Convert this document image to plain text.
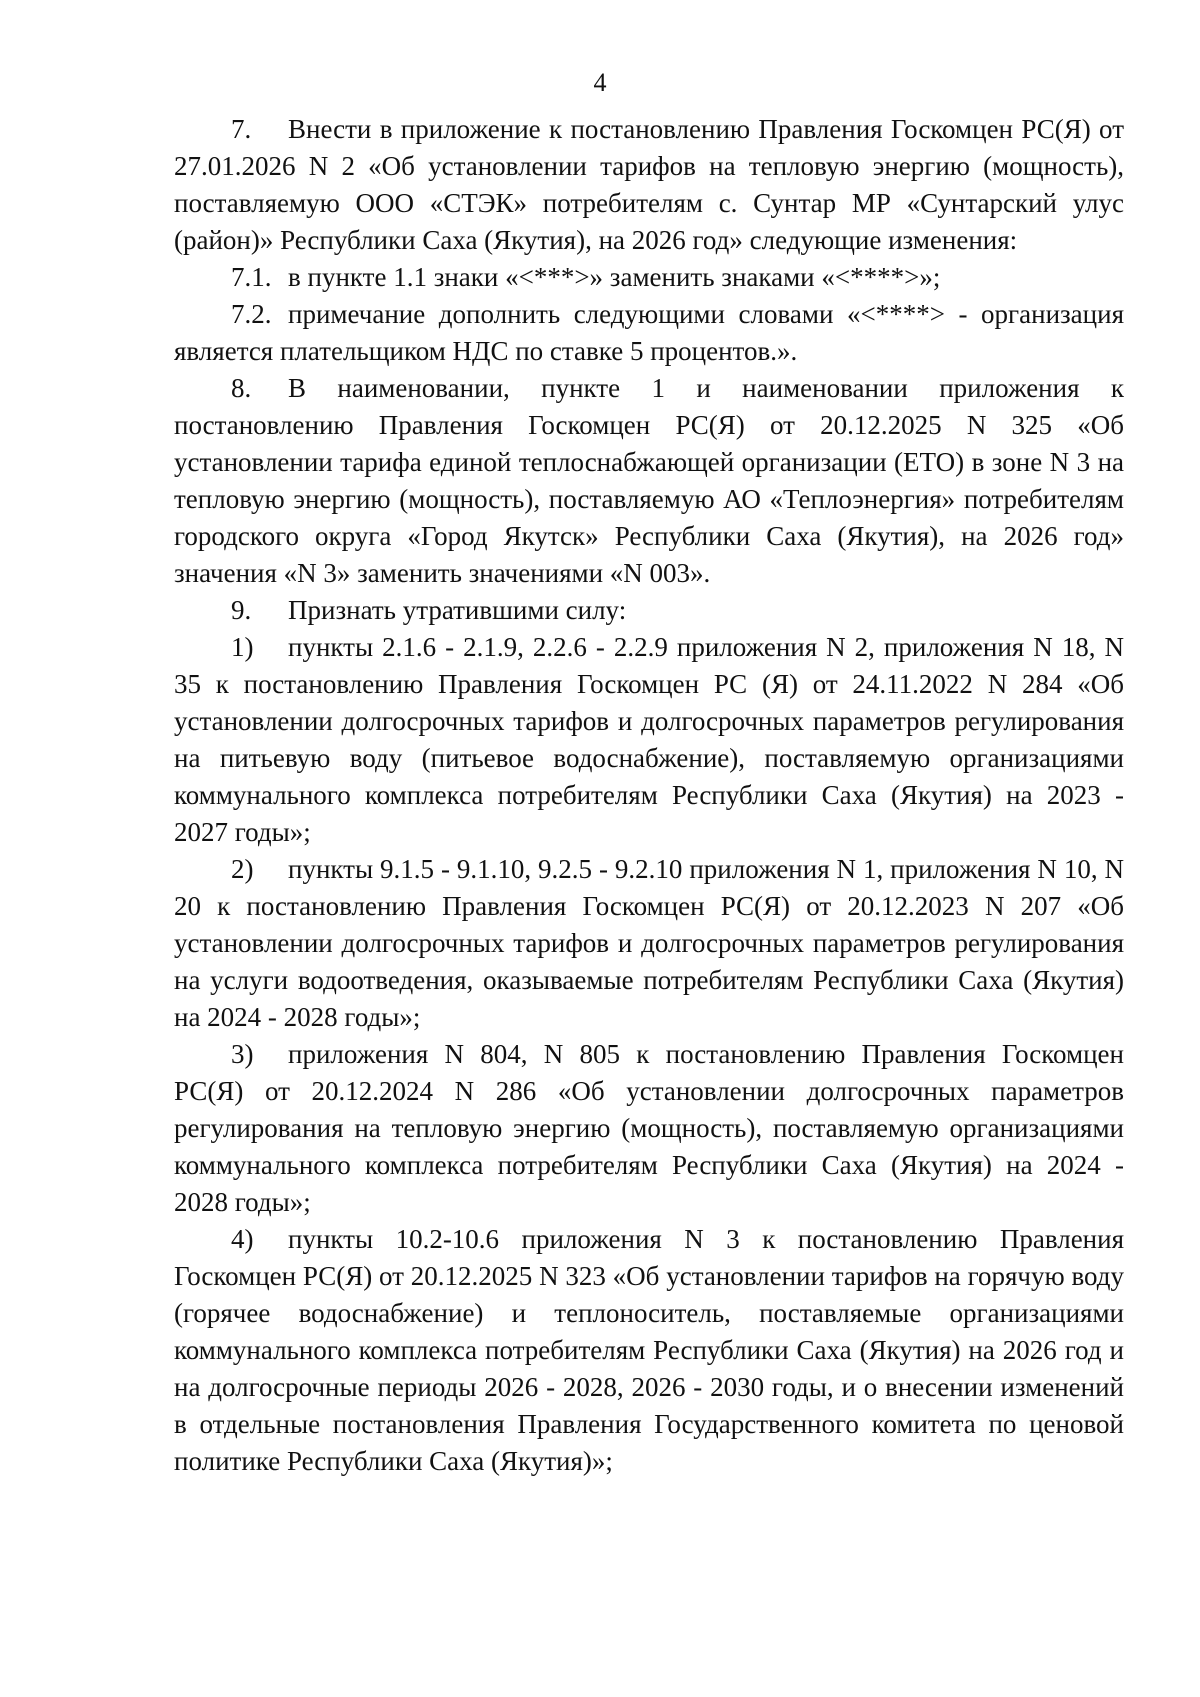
4

7. Внести в приложение к постановлению Правления Госкомцен РС(Я) от 27.01.2026 N 2 «Об установлении тарифов на тепловую энергию (мощность), поставляемую ООО «СТЭК» потребителям с. Сунтар МР «Сунтарский улус (район)» Республики Саха (Якутия), на 2026 год» следующие изменения:

7.1. в пункте 1.1 знаки «<***>» заменить знаками «<****>»;

7.2. примечание дополнить следующими словами «<****> - организация является плательщиком НДС по ставке 5 процентов.».

8. В наименовании, пункте 1 и наименовании приложения к постановлению Правления Госкомцен РС(Я) от 20.12.2025 N 325 «Об установлении тарифа единой теплоснабжающей организации (ЕТО) в зоне N 3 на тепловую энергию (мощность), поставляемую АО «Теплоэнергия» потребителям городского округа «Город Якутск» Республики Саха (Якутия), на 2026 год» значения «N 3» заменить значениями «N 003».

9. Признать утратившими силу:

1) пункты 2.1.6 - 2.1.9, 2.2.6 - 2.2.9 приложения N 2, приложения N 18, N 35 к постановлению Правления Госкомцен РС (Я) от 24.11.2022 N 284 «Об установлении долгосрочных тарифов и долгосрочных параметров регулирования на питьевую воду (питьевое водоснабжение), поставляемую организациями коммунального комплекса потребителям Республики Саха (Якутия) на 2023 - 2027 годы»;

2) пункты 9.1.5 - 9.1.10, 9.2.5 - 9.2.10 приложения N 1, приложения N 10, N 20 к постановлению Правления Госкомцен РС(Я) от 20.12.2023 N 207 «Об установлении долгосрочных тарифов и долгосрочных параметров регулирования на услуги водоотведения, оказываемые потребителям Республики Саха (Якутия) на 2024 - 2028 годы»;

3) приложения N 804, N 805 к постановлению Правления Госкомцен РС(Я) от 20.12.2024 N 286 «Об установлении долгосрочных параметров регулирования на тепловую энергию (мощность), поставляемую организациями коммунального комплекса потребителям Республики Саха (Якутия) на 2024 - 2028 годы»;

4) пункты 10.2-10.6 приложения N 3 к постановлению Правления Госкомцен РС(Я) от 20.12.2025 N 323 «Об установлении тарифов на горячую воду (горячее водоснабжение) и теплоноситель, поставляемые организациями коммунального комплекса потребителям Республики Саха (Якутия) на 2026 год и на долгосрочные периоды 2026 - 2028, 2026 - 2030 годы, и о внесении изменений в отдельные постановления Правления Государственного комитета по ценовой политике Республики Саха (Якутия)»;
